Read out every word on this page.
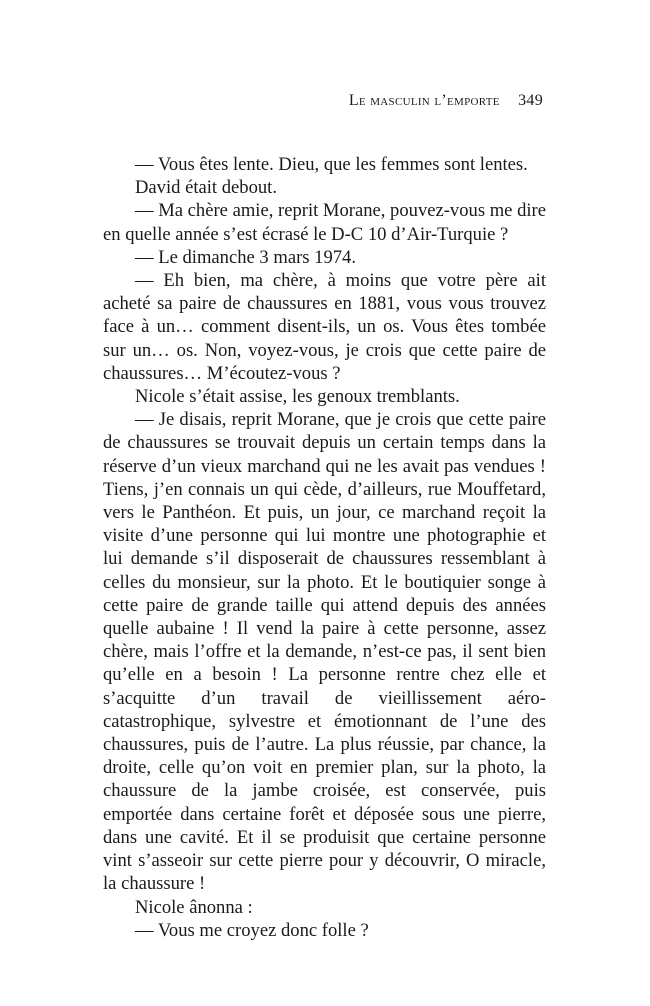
Le masculin l’emporte 349

— Vous êtes lente. Dieu, que les femmes sont lentes.

David était debout.

— Ma chère amie, reprit Morane, pouvez-vous me dire en quelle année s’est écrasé le D-C 10 d’Air-Turquie ?

— Le dimanche 3 mars 1974.

— Eh bien, ma chère, à moins que votre père ait acheté sa paire de chaussures en 1881, vous vous trouvez face à un… comment disent-ils, un os. Vous êtes tombée sur un… os. Non, voyez-vous, je crois que cette paire de chaussures… M’écoutez-vous ?

Nicole s’était assise, les genoux tremblants.

— Je disais, reprit Morane, que je crois que cette paire de chaussures se trouvait depuis un certain temps dans la réserve d’un vieux marchand qui ne les avait pas vendues ! Tiens, j’en connais un qui cède, d’ailleurs, rue Mouffetard, vers le Panthéon. Et puis, un jour, ce marchand reçoit la visite d’une personne qui lui montre une photographie et lui demande s’il disposerait de chaussures ressemblant à celles du monsieur, sur la photo. Et le boutiquier songe à cette paire de grande taille qui attend depuis des années quelle aubaine ! Il vend la paire à cette personne, assez chère, mais l’offre et la demande, n’est-ce pas, il sent bien qu’elle en a besoin ! La personne rentre chez elle et s’acquitte d’un travail de vieillissement aéro-catastrophique, sylvestre et émotionnant de l’une des chaussures, puis de l’autre. La plus réussie, par chance, la droite, celle qu’on voit en premier plan, sur la photo, la chaussure de la jambe croisée, est conservée, puis emportée dans certaine forêt et déposée sous une pierre, dans une cavité. Et il se produisit que certaine personne vint s’asseoir sur cette pierre pour y découvrir, O miracle, la chaussure !

Nicole ânonna :

— Vous me croyez donc folle ?
